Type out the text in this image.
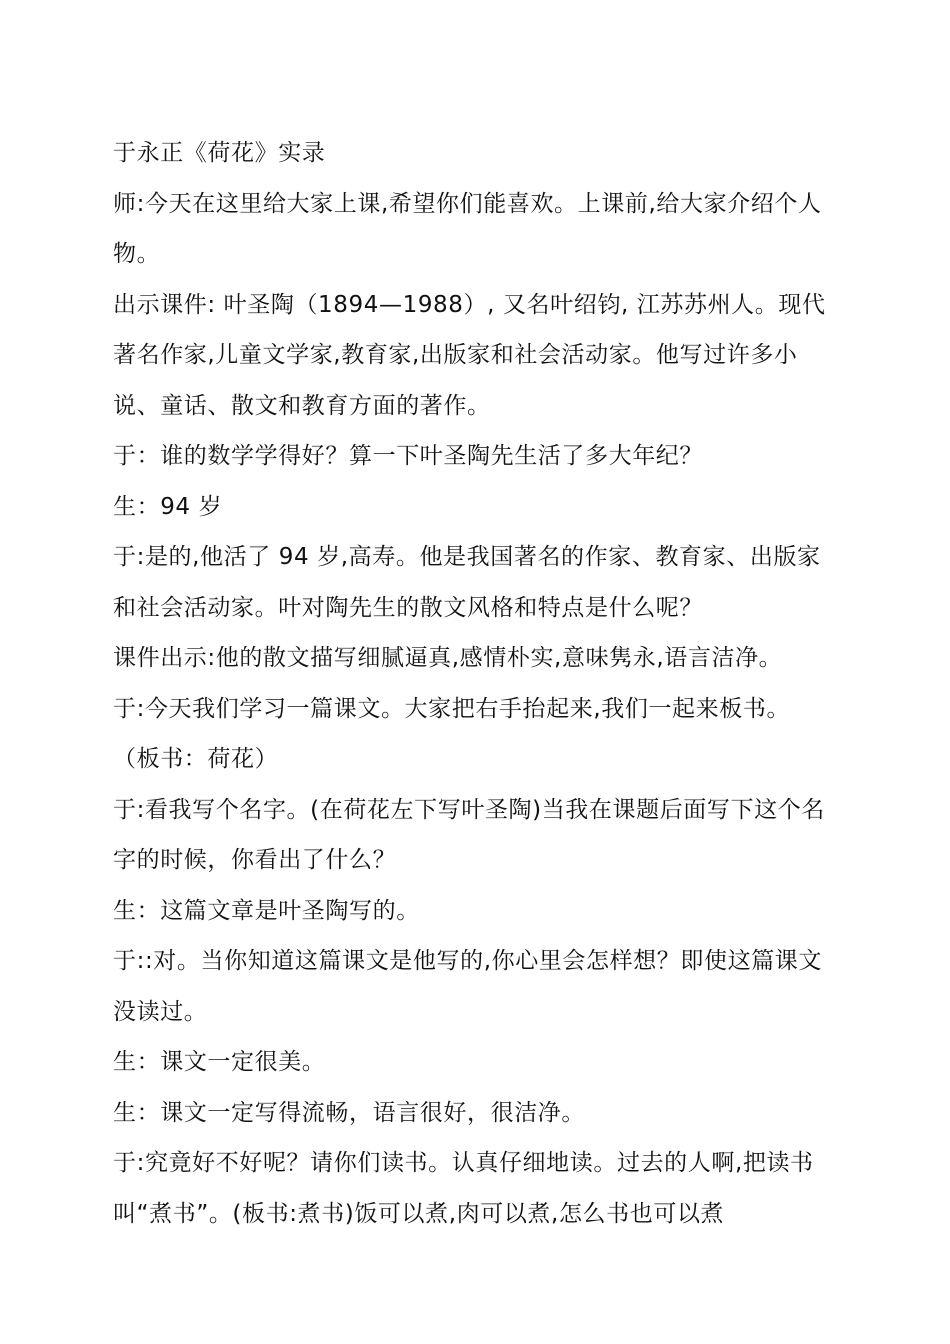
于永正《荷花》实录

师:今天在这里给大家上课,希望你们能喜欢。上课前,给大家介绍个人物。

出示课件: 叶圣陶（1894—1988）, 又名叶绍钧, 江苏苏州人。现代著名作家,儿童文学家,教育家,出版家和社会活动家。他写过许多小说、童话、散文和教育方面的著作。

于：谁的数学学得好？算一下叶圣陶先生活了多大年纪？

生：94 岁

于:是的,他活了 94 岁,高寿。他是我国著名的作家、教育家、出版家和社会活动家。叶对陶先生的散文风格和特点是什么呢？

课件出示:他的散文描写细腻逼真,感情朴实,意味隽永,语言洁净。

于:今天我们学习一篇课文。大家把右手抬起来,我们一起来板书。

（板书：荷花）

于:看我写个名字。(在荷花左下写叶圣陶)当我在课题后面写下这个名字的时候，你看出了什么？

生：这篇文章是叶圣陶写的。

于::对。当你知道这篇课文是他写的,你心里会怎样想？即使这篇课文没读过。

生：课文一定很美。

生：课文一定写得流畅，语言很好，很洁净。

于:究竟好不好呢？请你们读书。认真仔细地读。过去的人啊,把读书叫“煮书”。(板书:煮书)饭可以煮,肉可以煮,怎么书也可以煮
